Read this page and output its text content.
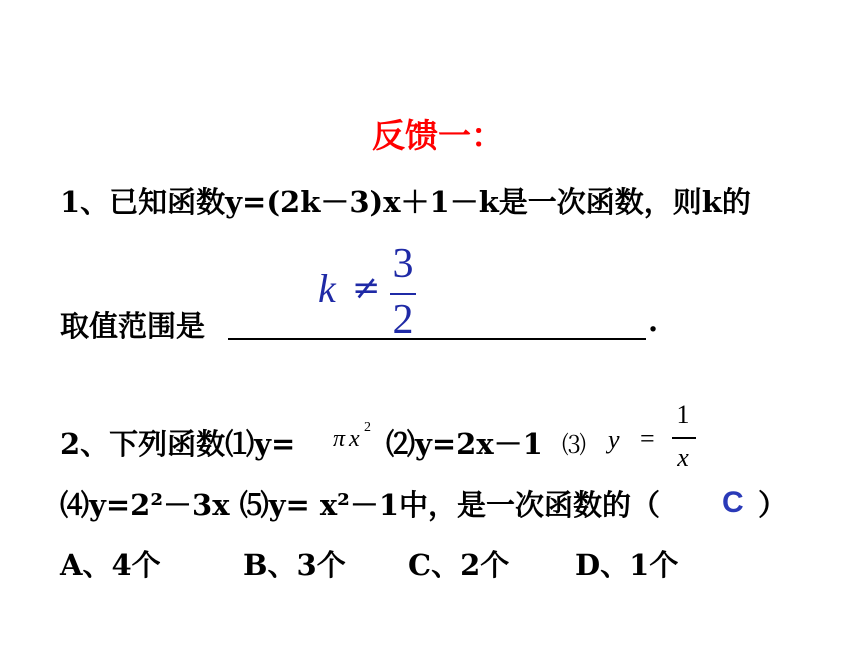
反馈一：
1、已知函数y=(2k－3)x＋1－k是一次函数，则k的
k ≠
3
2
取值范围是	.
2、下列函数⑴y= π x 2 ⑵y=2x－1 ⑶ y =
1
x
⑷y=2²－3x ⑸y= x²－1中，是一次函数的（ C ）
A、4个	B、3个 C、2个 D、1个
